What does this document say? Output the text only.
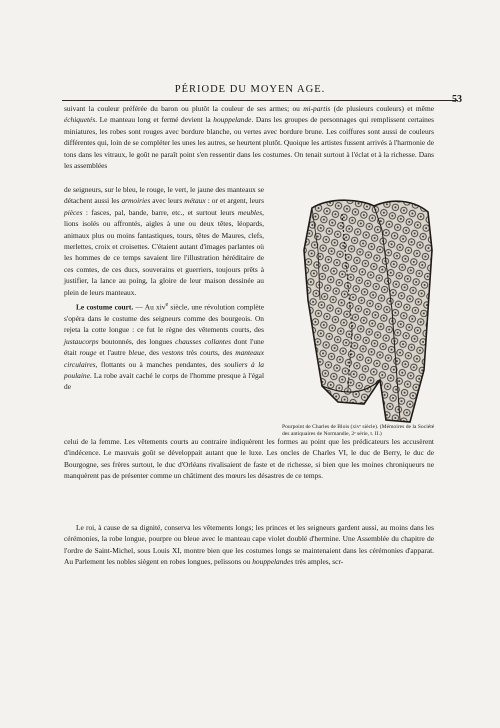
PÉRIODE DU MOYEN AGE.
53

suivant la couleur préférée du baron ou plutôt la couleur de ses armes; ou mi-partis (de plusieurs couleurs) et même échiquetés. Le manteau long et fermé devient la houppelande. Dans les groupes de personnages qui remplissent certaines miniatures, les robes sont rouges avec bordure blanche, ou vertes avec bordure brune. Les coiffures sont aussi de couleurs différentes qui, loin de se compléter les unes les autres, se heurtent plutôt. Quoique les artistes fussent arrivés à l'harmonie de tons dans les vitraux, le goût ne paraît point s'en ressentir dans les costumes. On tenait surtout à l'éclat et à la richesse. Dans les assemblées

de seigneurs, sur le bleu, le rouge, le vert, le jaune des manteaux se détachent aussi les armoiries avec leurs métaux : or et argent, leurs pièces : fasces, pal, bande, barre, etc., et surtout leurs meubles, lions isolés ou affrontés, aigles à une ou deux têtes, léopards, animaux plus ou moins fantastiques, tours, têtes de Maures, clefs, merlettes, croix et croisettes. C'étaient autant d'images parlantes où les hommes de ce temps savaient lire l'illustration héréditaire de ces comtes, de ces ducs, souverains et guerriers, toujours prêts à justifier, la lance au poing, la gloire de leur maison dessinée au plein de leurs manteaux.

Le costume court. — Au xiv$^e$ siècle, une révolution complète s'opéra dans le costume des seigneurs comme des bourgeois. On rejeta la cotte longue : ce fut le règne des vêtements courts, des justaucorps boutonnés, des longues chausses collantes dont l'une était rouge et l'autre bleue, des vestons très courts, des manteaux circulaires, flottants ou à manches pendantes, des souliers à la poulaine. La robe avait caché le corps de l'homme presque à l'égal de

Pourpoint de Charles de Blois (xivᵉ siècle). (Mémoires de la Société des antiquaires de Normandie, 2ᵉ série, t. II.)

celui de la femme. Les vêtements courts au contraire indiquèrent les formes au point que les prédicateurs les accusèrent d'indécence. Le mauvais goût se développait autant que le luxe. Les oncles de Charles VI, le duc de Berry, le duc de Bourgogne, ses frères surtout, le duc d'Orléans rivalisaient de faste et de richesse, si bien que les moines chroniqueurs ne manquèrent pas de présenter comme un châtiment des mœurs les désastres de ce temps.

Le roi, à cause de sa dignité, conserva les vêtements longs; les princes et les seigneurs gardent aussi, au moins dans les cérémonies, la robe longue, pourpre ou bleue avec le manteau cape violet doublé d'hermine. Une Assemblée du chapitre de l'ordre de Saint-Michel, sous Louis XI, montre bien que les costumes longs se maintenaient dans les cérémonies d'apparat. Au Parlement les nobles siègent en robes longues, pelissons ou houppelandes très amples, scr-
